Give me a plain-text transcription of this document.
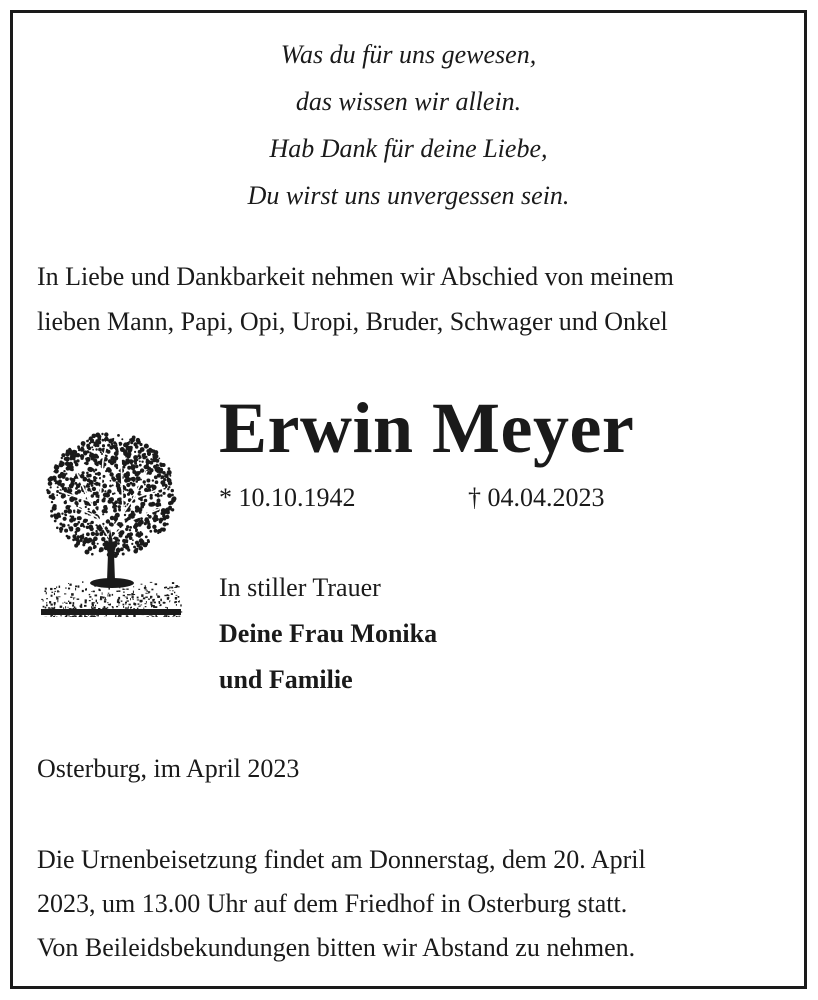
Was du für uns gewesen,
das wissen wir allein.
Hab Dank für deine Liebe,
Du wirst uns unvergessen sein.
In Liebe und Dankbarkeit nehmen wir Abschied von meinem
lieben Mann, Papi, Opi, Uropi, Bruder, Schwager und Onkel
Erwin Meyer
* 10.10.1942	† 04.04.2023
In stiller Trauer
Deine Frau Monika
und Familie
Osterburg, im April 2023
Die Urnenbeisetzung findet am Donnerstag, dem 20. April
2023, um 13.00 Uhr auf dem Friedhof in Osterburg statt.
Von Beileidsbekundungen bitten wir Abstand zu nehmen.
